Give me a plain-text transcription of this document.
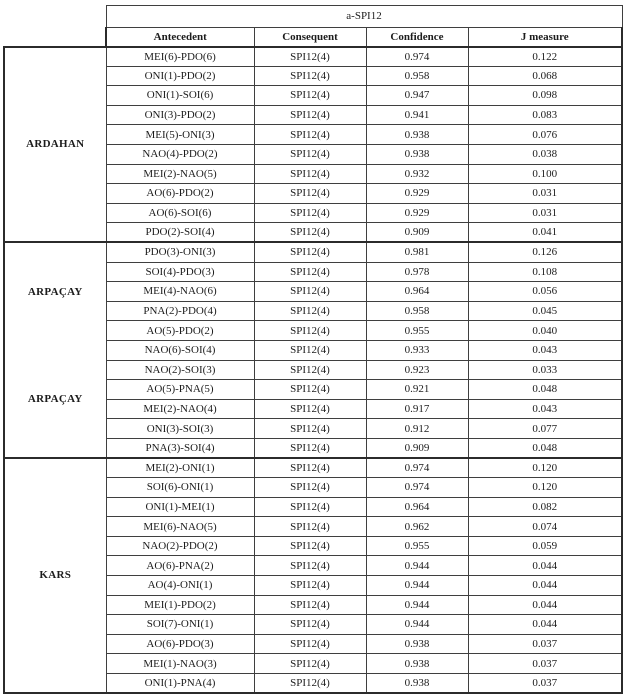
	a-SPI12			
	Antecedent	Consequent	Confidence	J measure
ARDAHAN	MEI(6)-PDO(6)	SPI12(4)	0.974	0.122
	ONI(1)-PDO(2)	SPI12(4)	0.958	0.068
	ONI(1)-SOI(6)	SPI12(4)	0.947	0.098
	ONI(3)-PDO(2)	SPI12(4)	0.941	0.083
	MEI(5)-ONI(3)	SPI12(4)	0.938	0.076
	NAO(4)-PDO(2)	SPI12(4)	0.938	0.038
	MEI(2)-NAO(5)	SPI12(4)	0.932	0.100
	AO(6)-PDO(2)	SPI12(4)	0.929	0.031
	AO(6)-SOI(6)	SPI12(4)	0.929	0.031
	PDO(2)-SOI(4)	SPI12(4)	0.909	0.041
ARPAÇAY	PDO(3)-ONI(3)	SPI12(4)	0.981	0.126
	SOI(4)-PDO(3)	SPI12(4)	0.978	0.108
	MEI(4)-NAO(6)	SPI12(4)	0.964	0.056
	PNA(2)-PDO(4)	SPI12(4)	0.958	0.045
	AO(5)-PDO(2)	SPI12(4)	0.955	0.040
ARPAÇAY	NAO(6)-SOI(4)	SPI12(4)	0.933	0.043
	NAO(2)-SOI(3)	SPI12(4)	0.923	0.033
	AO(5)-PNA(5)	SPI12(4)	0.921	0.048
	MEI(2)-NAO(4)	SPI12(4)	0.917	0.043
	ONI(3)-SOI(3)	SPI12(4)	0.912	0.077
	PNA(3)-SOI(4)	SPI12(4)	0.909	0.048
KARS	MEI(2)-ONI(1)	SPI12(4)	0.974	0.120
	SOI(6)-ONI(1)	SPI12(4)	0.974	0.120
	ONI(1)-MEI(1)	SPI12(4)	0.964	0.082
	MEI(6)-NAO(5)	SPI12(4)	0.962	0.074
	NAO(2)-PDO(2)	SPI12(4)	0.955	0.059
	AO(6)-PNA(2)	SPI12(4)	0.944	0.044
	AO(4)-ONI(1)	SPI12(4)	0.944	0.044
	MEI(1)-PDO(2)	SPI12(4)	0.944	0.044
	SOI(7)-ONI(1)	SPI12(4)	0.944	0.044
	AO(6)-PDO(3)	SPI12(4)	0.938	0.037
	MEI(1)-NAO(3)	SPI12(4)	0.938	0.037
	ONI(1)-PNA(4)	SPI12(4)	0.938	0.037
